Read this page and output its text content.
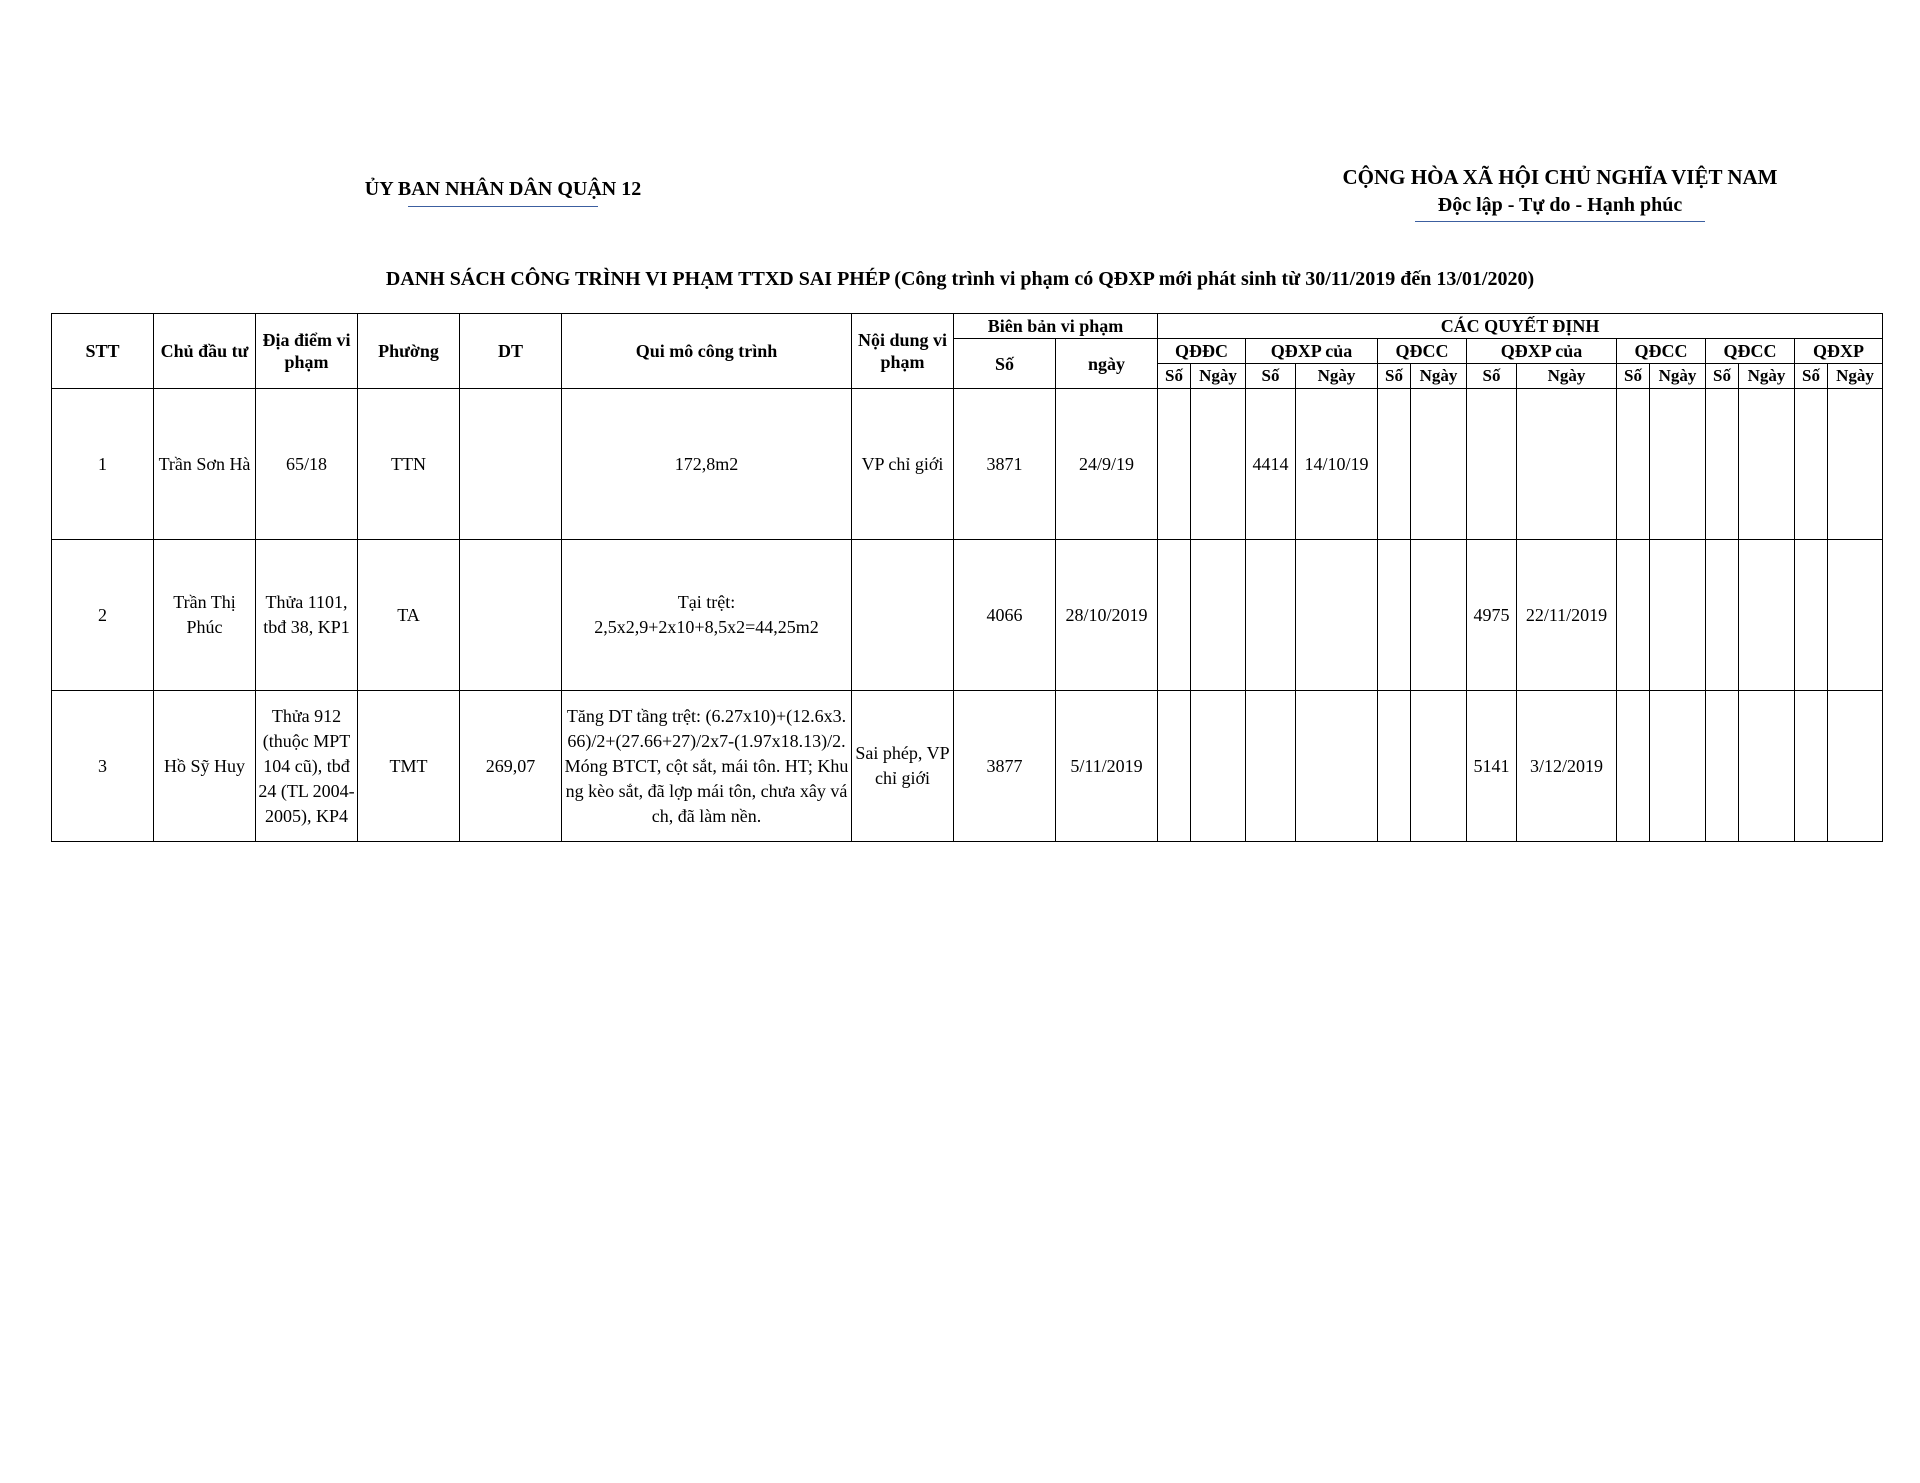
ỦY BAN NHÂN DÂN QUẬN 12	CỘNG HÒA XÃ HỘI CHỦ NGHĨA VIỆT NAM
Độc lập - Tự do - Hạnh phúc
DANH SÁCH CÔNG TRÌNH VI PHẠM TTXD SAI PHÉP (Công trình vi phạm có QĐXP mới phát sinh từ 30/11/2019 đến 13/01/2020)
STT	Chủ đầu tư	Địa điểm vi phạm	Phường	DT	Qui mô công trình	Nội dung vi phạm	Biên bản vi phạm		CÁC QUYẾT ĐỊNH													
							Số	ngày	QĐĐC		QĐXP của		QĐCC		QĐXP của		QĐCC		QĐCC		QĐXP	
									Số	Ngày	Số	Ngày	Số	Ngày	Số	Ngày	Số	Ngày	Số	Ngày	Số	Ngày
1	Trần Sơn Hà	65/18	TTN		172,8m2	VP chỉ giới	3871	24/9/19			4414	14/10/19										
2	Trần Thị Phúc	Thửa 1101, tbđ 38, KP1	TA		Tại trệt: 2,5x2,9+2x10+8,5x2=44,25m2		4066	28/10/2019							4975	22/11/2019						
3	Hồ Sỹ Huy	Thửa 912 (thuộc MPT 104 cũ), tbđ 24 (TL 2004-2005), KP4	TMT	269,07	Tăng DT tầng trệt: (6.27x10)+(12.6x3.66)/2+(27.66+27)/2x7-(1.97x18.13)/2. Móng BTCT, cột sắt, mái tôn. HT; Khung kèo sắt, đã lợp mái tôn, chưa xây vách, đã làm nền.	Sai phép, VP chỉ giới	3877	5/11/2019							5141	3/12/2019						
